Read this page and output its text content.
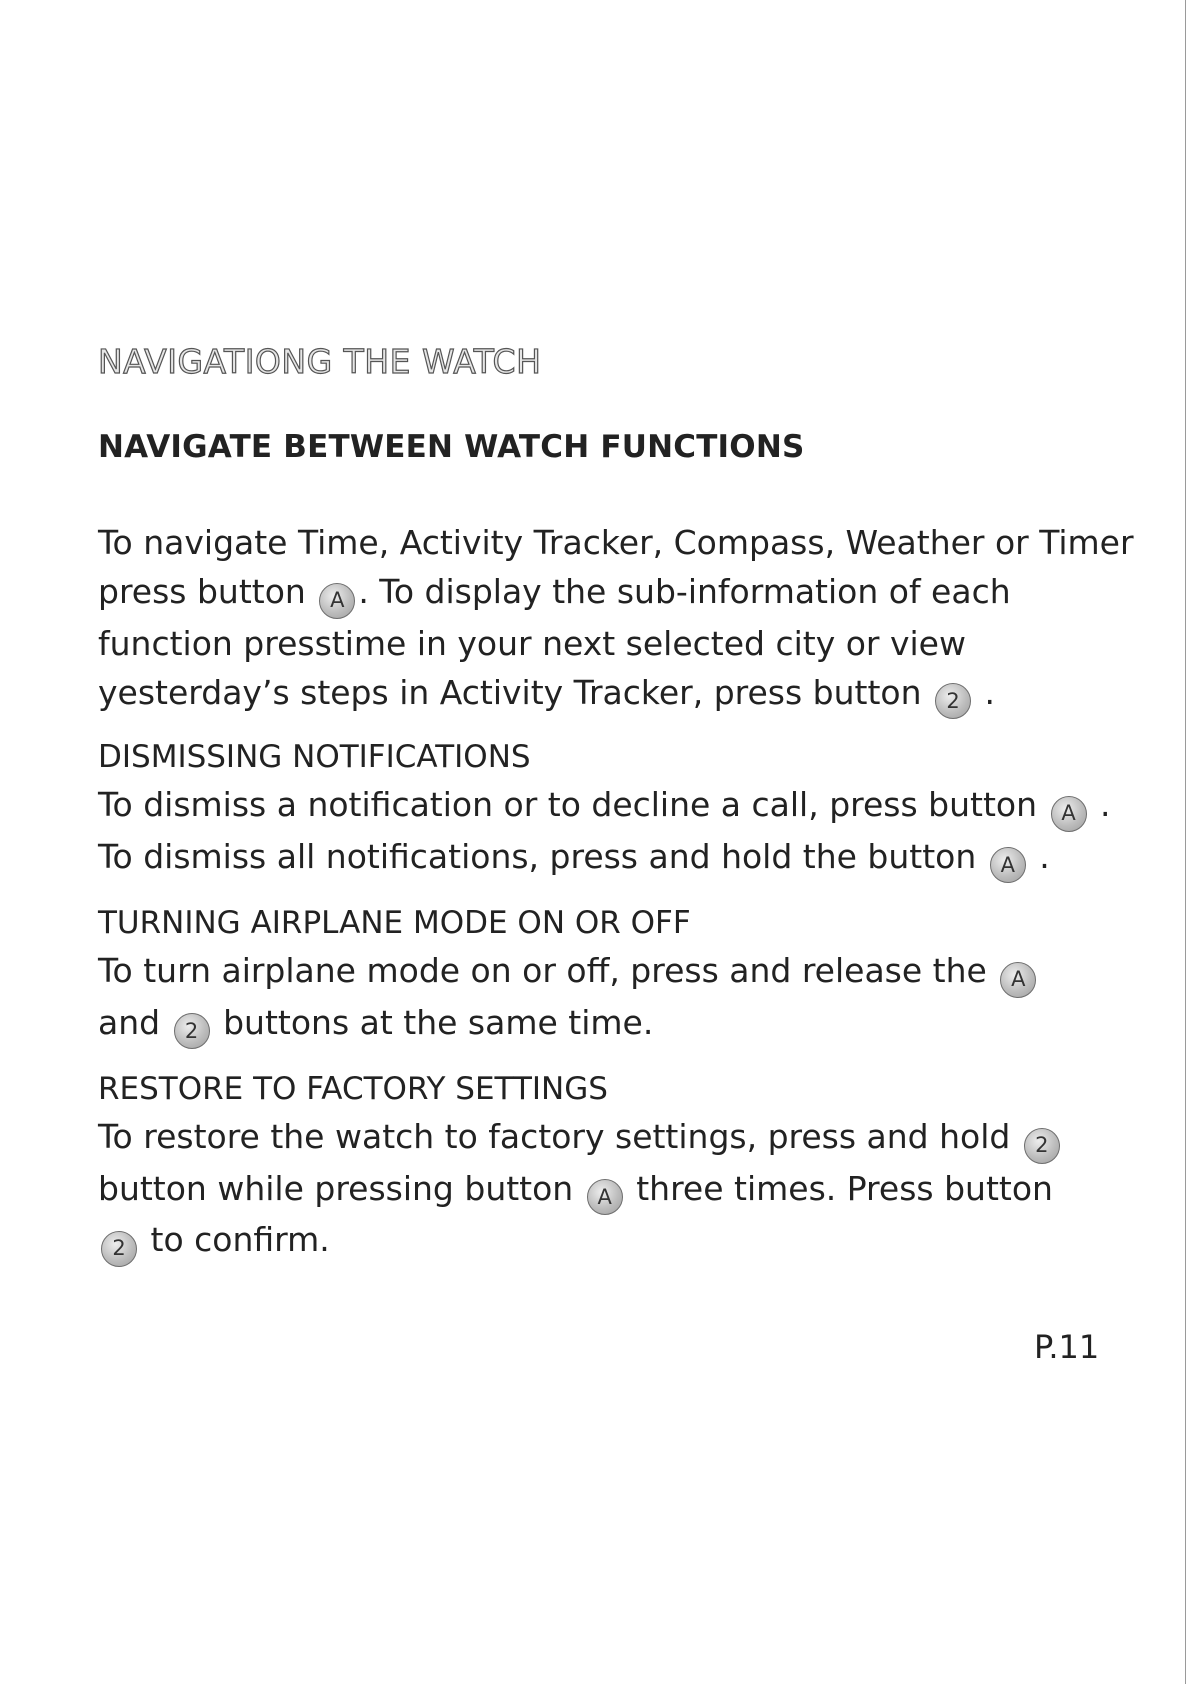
NAVIGATIONG THE WATCH
NAVIGATE BETWEEN WATCH FUNCTIONS

To navigate Time, Activity Tracker, Compass, Weather or Timer

press button A . To display the sub-information of each

function presstime in your next selected city or view

yesterday’s steps in Activity Tracker, press button 2 .

DISMISSING NOTIFICATIONS

To dismiss a notification or to decline a call, press button A .

To dismiss all notifications, press and hold the button A .

TURNING AIRPLANE MODE ON OR OFF

To turn airplane mode on or off, press and release the A

and 2 buttons at the same time.

RESTORE TO FACTORY SETTINGS

To restore the watch to factory settings, press and hold 2

button while pressing button A three times. Press button

2 to confirm.

P.11
